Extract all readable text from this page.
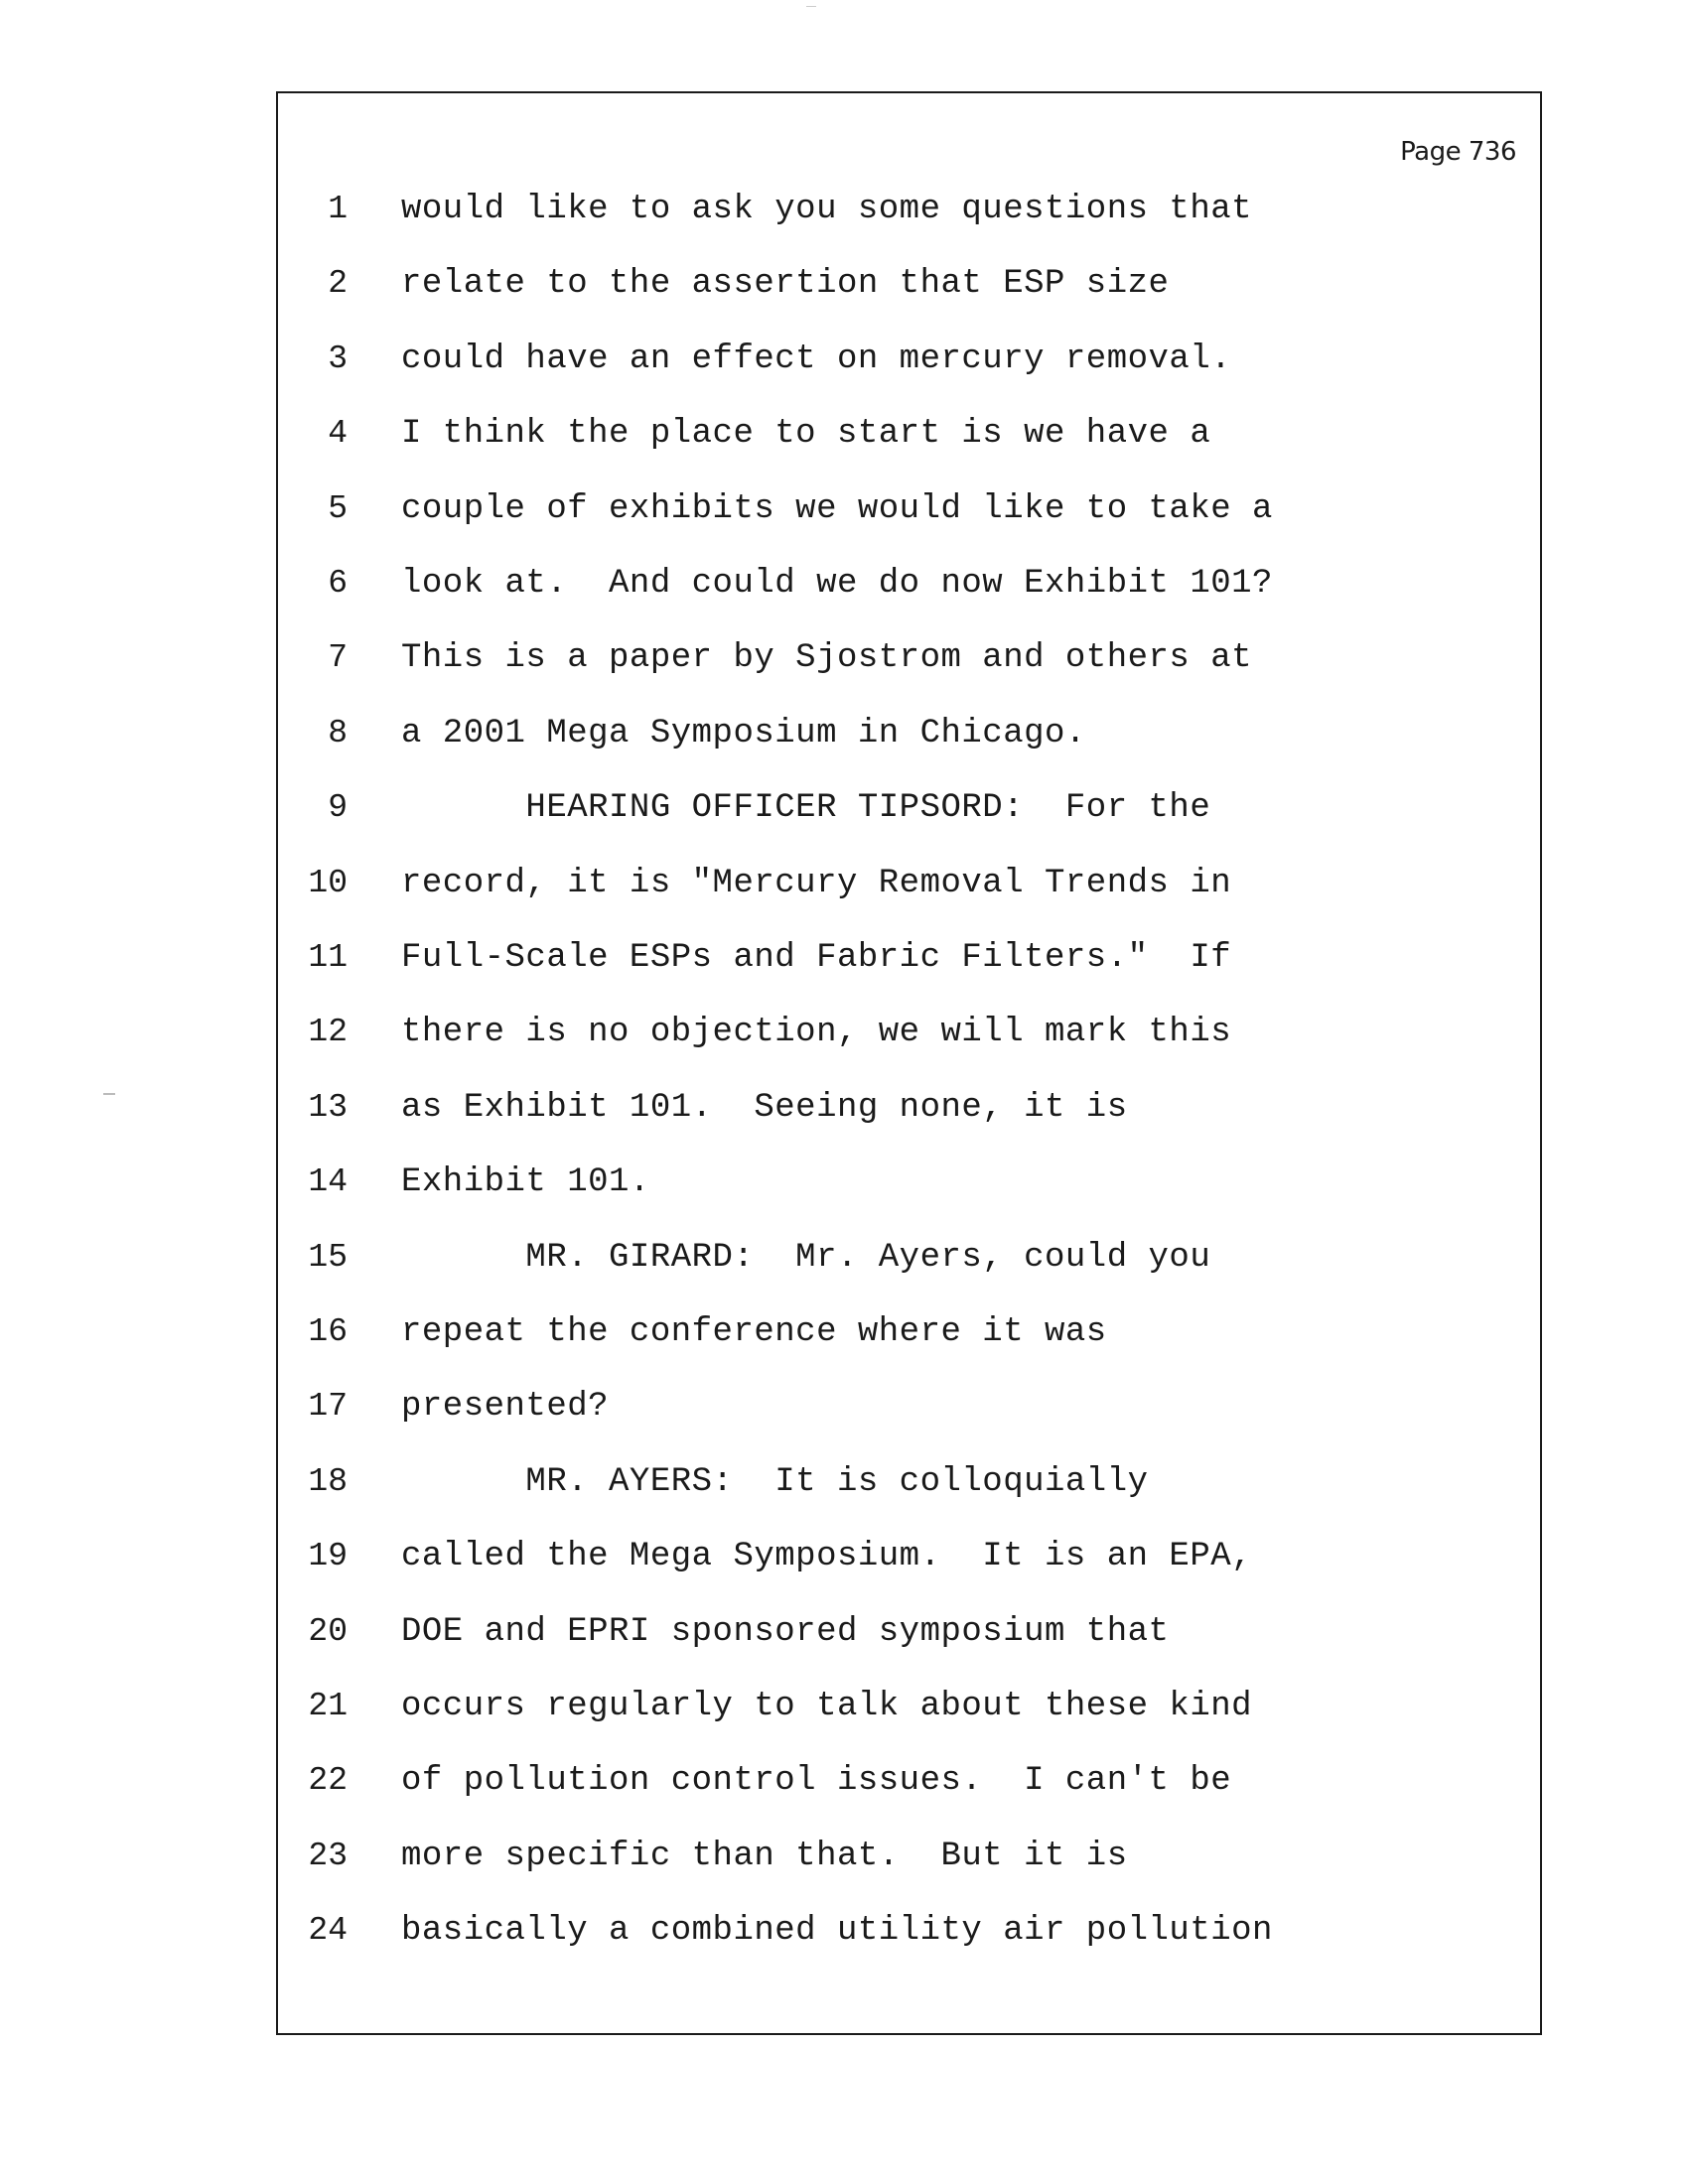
Page 736
1 would like to ask you some questions that
2 relate to the assertion that ESP size
3 could have an effect on mercury removal.
4 I think the place to start is we have a
5 couple of exhibits we would like to take a
6 look at.  And could we do now Exhibit 101?
7 This is a paper by Sjostrom and others at
8 a 2001 Mega Symposium in Chicago.
9 HEARING OFFICER TIPSORD:  For the
10 record, it is "Mercury Removal Trends in
11 Full-Scale ESPs and Fabric Filters."  If
12 there is no objection, we will mark this
13 as Exhibit 101.  Seeing none, it is
14 Exhibit 101.
15 MR. GIRARD:  Mr. Ayers, could you
16 repeat the conference where it was
17 presented?
18 MR. AYERS:  It is colloquially
19 called the Mega Symposium.  It is an EPA,
20 DOE and EPRI sponsored symposium that
21 occurs regularly to talk about these kind
22 of pollution control issues.  I can't be
23 more specific than that.  But it is
24 basically a combined utility air pollution
